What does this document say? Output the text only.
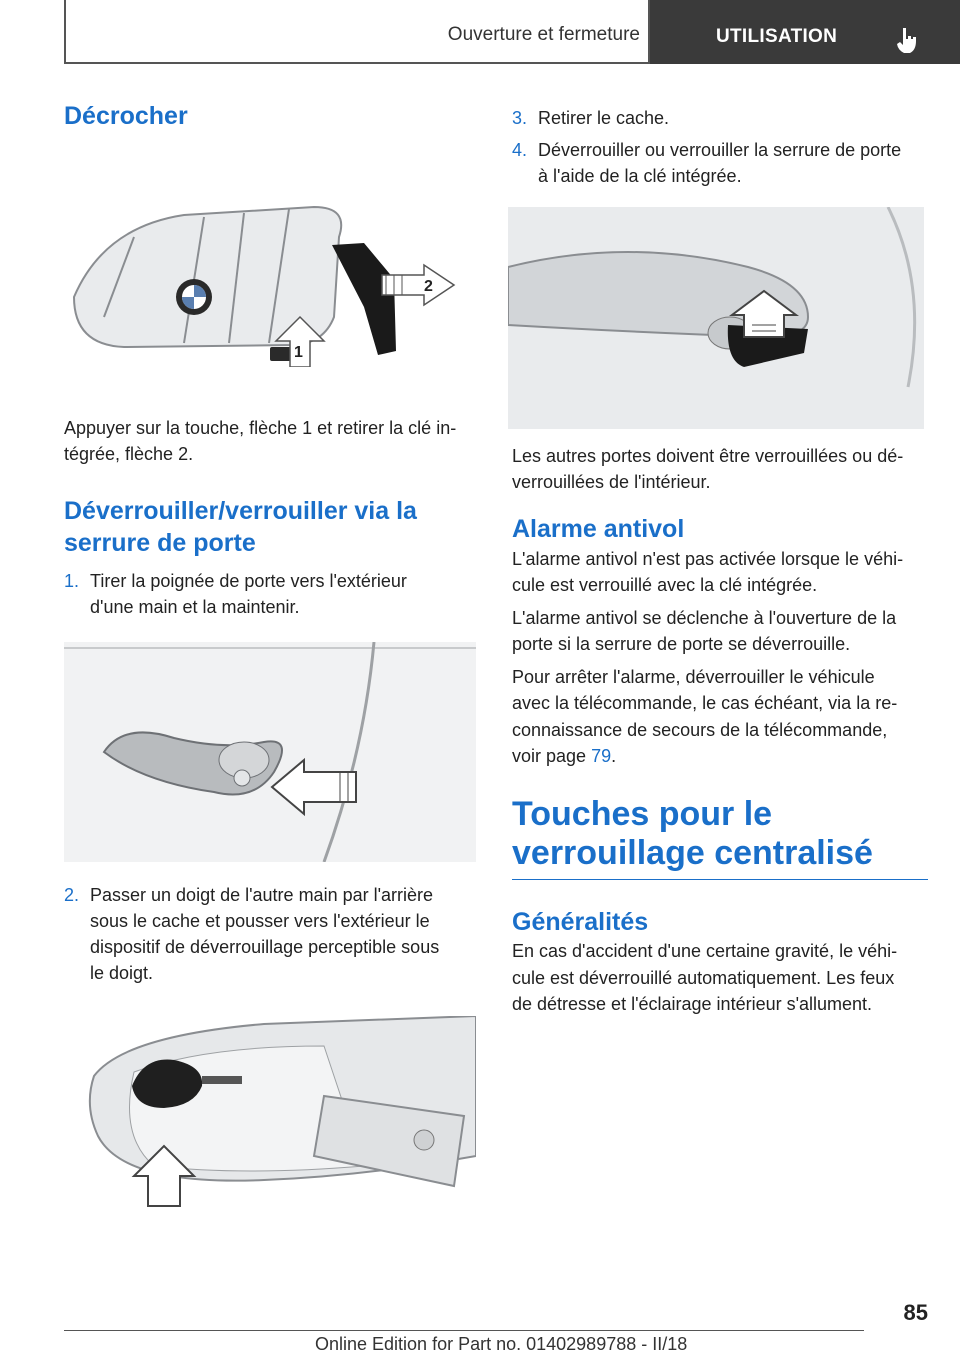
Ouverture et fermeture	UTILISATION
Décrocher
2
1

Appuyer sur la touche, flèche 1 et retirer la clé in‐

tégrée, flèche 2.

Déverrouiller/verrouiller via la
serrure de porte
1. Tirer la poignée de porte vers l'extérieur
d'une main et la maintenir.
2. Passer un doigt de l'autre main par l'arrière
sous le cache et pousser vers l'extérieur le
dispositif de déverrouillage perceptible sous
le doigt.
3. Retirer le cache.
4. Déverrouiller ou verrouiller la serrure de porte
à l'aide de la clé intégrée.

Les autres portes doivent être verrouillées ou dé‐

verrouillées de l'intérieur.

Alarme antivol

L'alarme antivol n'est pas activée lorsque le véhi‐

cule est verrouillé avec la clé intégrée.

L'alarme antivol se déclenche à l'ouverture de la

porte si la serrure de porte se déverrouille.

Pour arrêter l'alarme, déverrouiller le véhicule

avec la télécommande, le cas échéant, via la re‐

connaissance de secours de la télécommande,

voir page 79.

Touches pour le
verrouillage centralisé
Généralités

En cas d'accident d'une certaine gravité, le véhi‐

cule est déverrouillé automatiquement. Les feux

de détresse et l'éclairage intérieur s'allument.

85
Online Edition for Part no. 01402989788 - II/18
